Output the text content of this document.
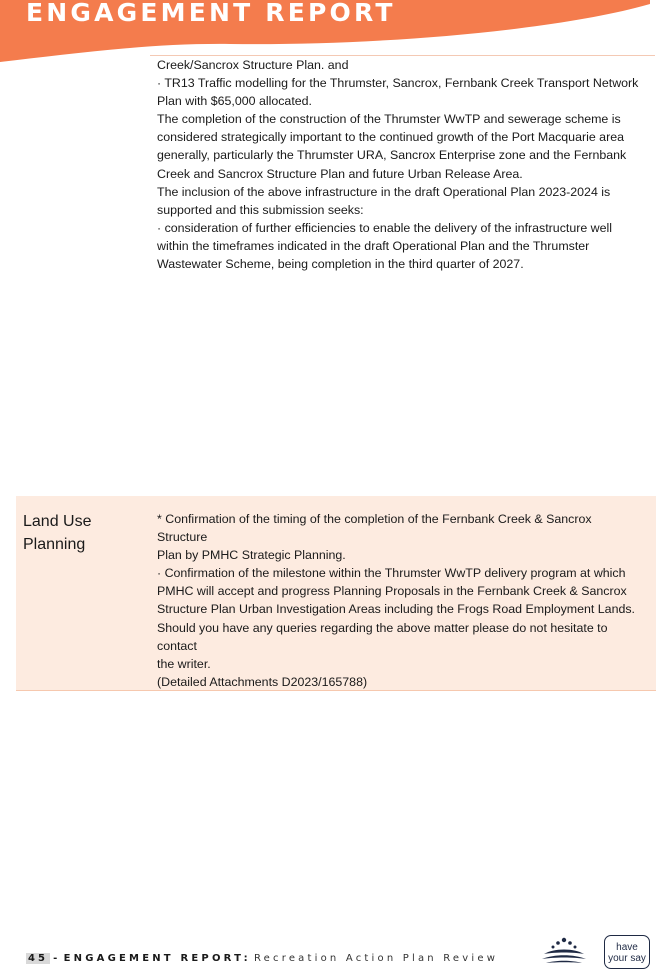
ENGAGEMENT REPORT

Creek/Sancrox Structure Plan. and

· TR13 Traffic modelling for the Thrumster, Sancrox, Fernbank Creek Transport Network Plan with $65,000 allocated.

The completion of the construction of the Thrumster WwTP and sewerage scheme is considered strategically important to the continued growth of the Port Macquarie area generally, particularly the Thrumster URA, Sancrox Enterprise zone and the Fernbank Creek and Sancrox Structure Plan and future Urban Release Area.

The inclusion of the above infrastructure in the draft Operational Plan 2023-2024 is supported and this submission seeks:

· consideration of further efficiencies to enable the delivery of the infrastructure well within the timeframes indicated in the draft Operational Plan and the Thrumster Wastewater Scheme, being completion in the third quarter of 2027.

Land Use Planning

* Confirmation of the timing of the completion of the Fernbank Creek & Sancrox Structure

Plan by PMHC Strategic Planning.

· Confirmation of the milestone within the Thrumster WwTP delivery program at which PMHC will accept and progress Planning Proposals in the Fernbank Creek & Sancrox Structure Plan Urban Investigation Areas including the Frogs Road Employment Lands.

Should you have any queries regarding the above matter please do not hesitate to contact

the writer.

(Detailed Attachments D2023/165788)

45 - ENGAGEMENT REPORT: Recreation Action Plan Review
have
your say
